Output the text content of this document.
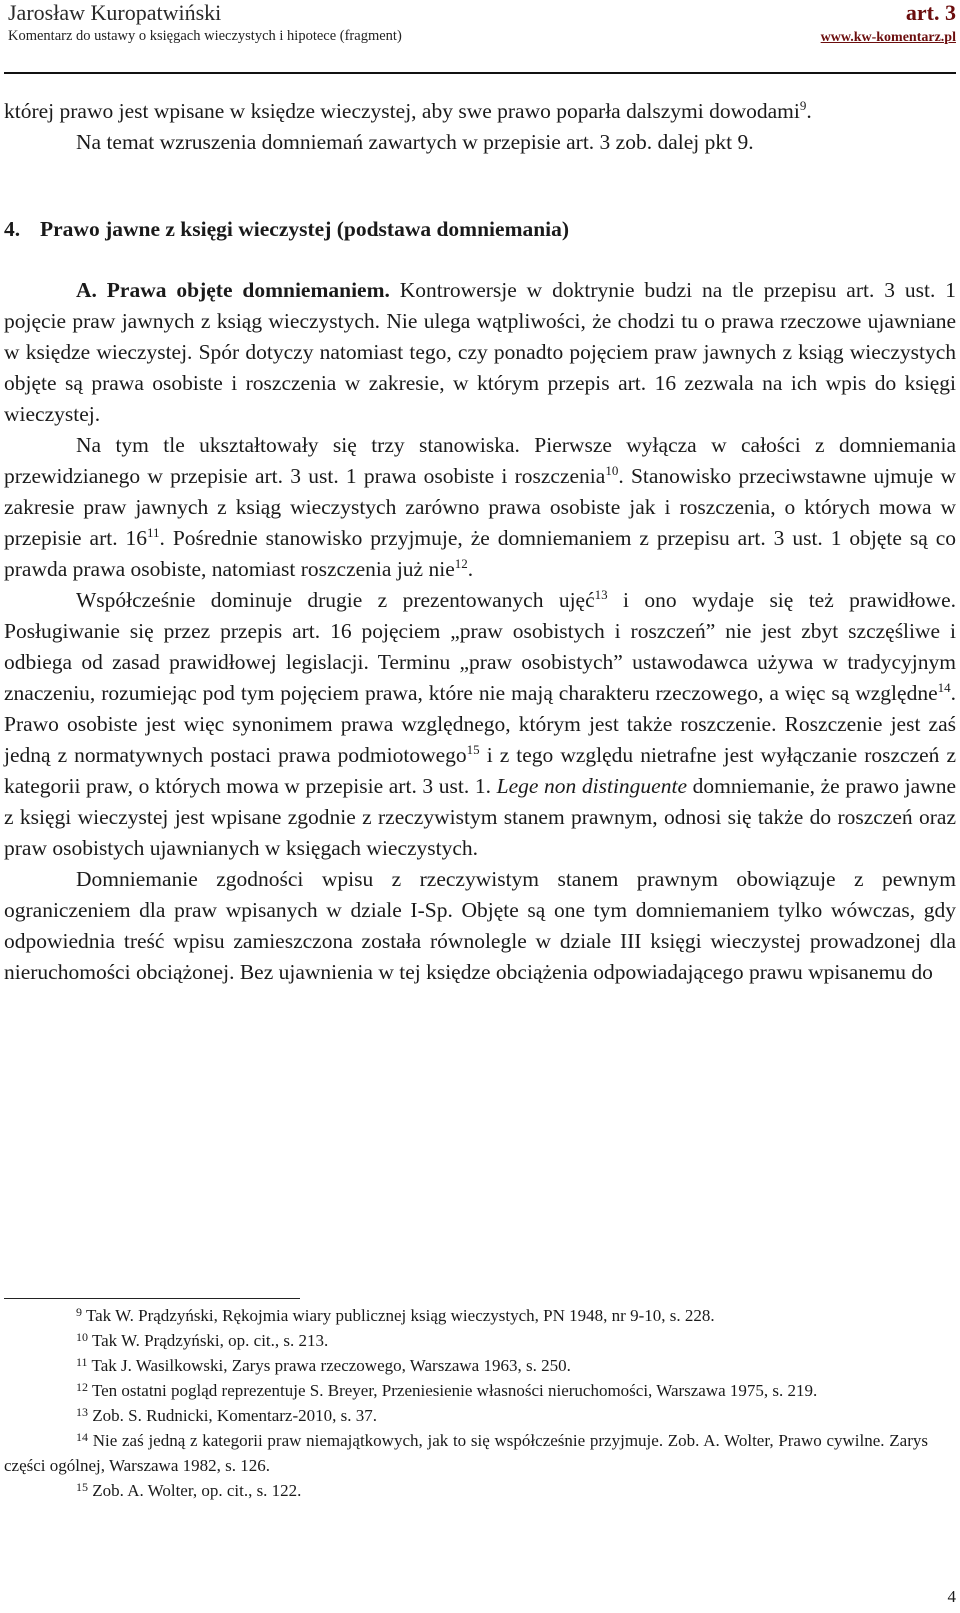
Jarosław Kuropatwiński
Komentarz do ustawy o księgach wieczystych i hipotece (fragment)
art. 3
www.kw-komentarz.pl

której prawo jest wpisane w księdze wieczystej, aby swe prawo poparła dalszymi dowodami$^9$.

Na temat wzruszenia domniemań zawartych w przepisie art. 3 zob. dalej pkt 9.

4. Prawo jawne z księgi wieczystej (podstawa domniemania)

A. Prawa objęte domniemaniem. Kontrowersje w doktrynie budzi na tle przepisu art. 3 ust. 1 pojęcie praw jawnych z ksiąg wieczystych. Nie ulega wątpliwości, że chodzi tu o prawa rzeczowe ujawniane w księdze wieczystej. Spór dotyczy natomiast tego, czy ponadto pojęciem praw jawnych z ksiąg wieczystych objęte są prawa osobiste i roszczenia w zakresie, w którym przepis art. 16 zezwala na ich wpis do księgi wieczystej.

Na tym tle ukształtowały się trzy stanowiska. Pierwsze wyłącza w całości z domniemania przewidzianego w przepisie art. 3 ust. 1 prawa osobiste i roszczenia$^{10}$. Stanowisko przeciwstawne ujmuje w zakresie praw jawnych z ksiąg wieczystych zarówno prawa osobiste jak i roszczenia, o których mowa w przepisie art. $16^{11}$. Pośrednie stanowisko przyjmuje, że domniemaniem z przepisu art. 3 ust. 1 objęte są co prawda prawa osobiste, natomiast roszczenia już nie$^{12}$.

Współcześnie dominuje drugie z prezentowanych ujęć$^{13}$ i ono wydaje się też prawidłowe. Posługiwanie się przez przepis art. 16 pojęciem „praw osobistych i roszczeń” nie jest zbyt szczęśliwe i odbiega od zasad prawidłowej legislacji. Terminu „praw osobistych” ustawodawca używa w tradycyjnym znaczeniu, rozumiejąc pod tym pojęciem prawa, które nie mają charakteru rzeczowego, a więc są względne$^{14}$. Prawo osobiste jest więc synonimem prawa względnego, którym jest także roszczenie. Roszczenie jest zaś jedną z normatywnych postaci prawa podmiotowego$^{15}$ i z tego względu nietrafne jest wyłączanie roszczeń z kategorii praw, o których mowa w przepisie art. 3 ust. 1. Lege non distinguente domniemanie, że prawo jawne z księgi wieczystej jest wpisane zgodnie z rzeczywistym stanem prawnym, odnosi się także do roszczeń oraz praw osobistych ujawnianych w księgach wieczystych.

Domniemanie zgodności wpisu z rzeczywistym stanem prawnym obowiązuje z pewnym ograniczeniem dla praw wpisanych w dziale I-Sp. Objęte są one tym domniemaniem tylko wówczas, gdy odpowiednia treść wpisu zamieszczona została równolegle w dziale III księgi wieczystej prowadzonej dla nieruchomości obciążonej. Bez ujawnienia w tej księdze obciążenia odpowiadającego prawu wpisanemu do

$^9$ Tak W. Prądzyński, Rękojmia wiary publicznej ksiąg wieczystych, PN 1948, nr 9-10, s. 228.

$^{10}$ Tak W. Prądzyński, op. cit., s. 213.

$^{11}$ Tak J. Wasilkowski, Zarys prawa rzeczowego, Warszawa 1963, s. 250.

$^{12}$ Ten ostatni pogląd reprezentuje S. Breyer, Przeniesienie własności nieruchomości, Warszawa 1975, s. 219.

$^{13}$ Zob. S. Rudnicki, Komentarz-2010, s. 37.

$^{14}$ Nie zaś jedną z kategorii praw niemajątkowych, jak to się współcześnie przyjmuje. Zob. A. Wolter, Prawo cywilne. Zarys części ogólnej, Warszawa 1982, s. 126.

$^{15}$ Zob. A. Wolter, op. cit., s. 122.

4
